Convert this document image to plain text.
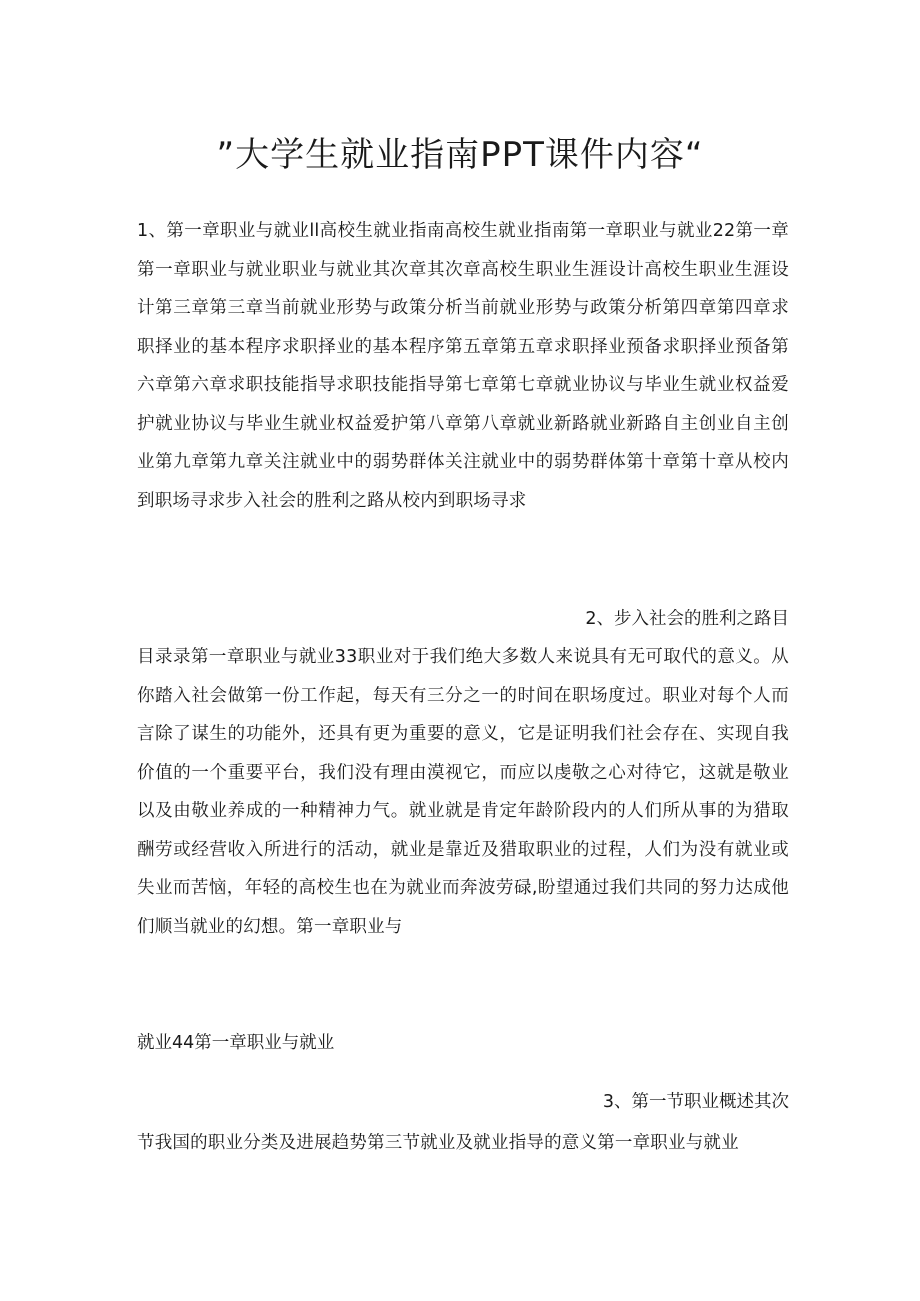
”大学生就业指南PPT课件内容“
1、第一章职业与就业ll高校生就业指南高校生就业指南第一章职业与就业22第一章第一章职业与就业职业与就业其次章其次章高校生职业生涯设计高校生职业生涯设计第三章第三章当前就业形势与政策分析当前就业形势与政策分析第四章第四章求职择业的基本程序求职择业的基本程序第五章第五章求职择业预备求职择业预备第六章第六章求职技能指导求职技能指导第七章第七章就业协议与毕业生就业权益爱护就业协议与毕业生就业权益爱护第八章第八章就业新路就业新路自主创业自主创业第九章第九章关注就业中的弱势群体关注就业中的弱势群体第十章第十章从校内到职场寻求步入社会的胜利之路从校内到职场寻求
2、步入社会的胜利之路目
目录录第一章职业与就业33职业对于我们绝大多数人来说具有无可取代的意义。从你踏入社会做第一份工作起，每天有三分之一的时间在职场度过。职业对每个人而言除了谋生的功能外，还具有更为重要的意义，它是证明我们社会存在、实现自我价值的一个重要平台，我们没有理由漠视它，而应以虔敬之心对待它，这就是敬业以及由敬业养成的一种精神力气。就业就是肯定年龄阶段内的人们所从事的为猎取酬劳或经营收入所进行的活动，就业是靠近及猎取职业的过程，人们为没有就业或失业而苦恼，年轻的高校生也在为就业而奔波劳碌,盼望通过我们共同的努力达成他们顺当就业的幻想。第一章职业与
就业44第一章职业与就业
3、第一节职业概述其次
节我国的职业分类及进展趋势第三节就业及就业指导的意义第一章职业与就业
